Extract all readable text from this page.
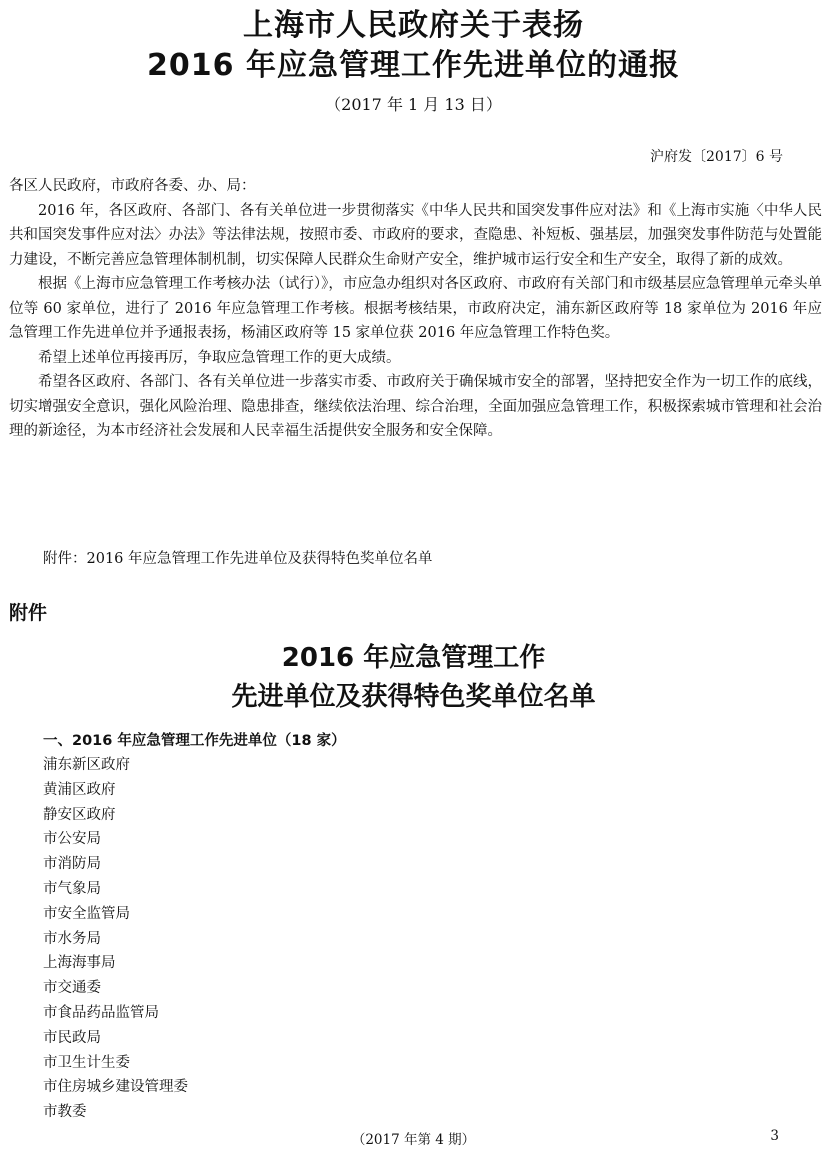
上海市人民政府关于表扬
2016 年应急管理工作先进单位的通报
（2017 年 1 月 13 日）
沪府发〔2017〕6 号

各区人民政府，市政府各委、办、局：

2016 年，各区政府、各部门、各有关单位进一步贯彻落实《中华人民共和国突发事件应对法》和《上海市实施〈中华人民共和国突发事件应对法〉办法》等法律法规，按照市委、市政府的要求，查隐患、补短板、强基层，加强突发事件防范与处置能力建设，不断完善应急管理体制机制，切实保障人民群众生命财产安全，维护城市运行安全和生产安全，取得了新的成效。

根据《上海市应急管理工作考核办法（试行）》，市应急办组织对各区政府、市政府有关部门和市级基层应急管理单元牵头单位等 60 家单位，进行了 2016 年应急管理工作考核。根据考核结果，市政府决定，浦东新区政府等 18 家单位为 2016 年应急管理工作先进单位并予通报表扬，杨浦区政府等 15 家单位获 2016 年应急管理工作特色奖。

希望上述单位再接再厉，争取应急管理工作的更大成绩。

希望各区政府、各部门、各有关单位进一步落实市委、市政府关于确保城市安全的部署，坚持把安全作为一切工作的底线，切实增强安全意识，强化风险治理、隐患排查，继续依法治理、综合治理，全面加强应急管理工作，积极探索城市管理和社会治理的新途径，为本市经济社会发展和人民幸福生活提供安全服务和安全保障。

附件：2016 年应急管理工作先进单位及获得特色奖单位名单
附件
2016 年应急管理工作
先进单位及获得特色奖单位名单
一、2016 年应急管理工作先进单位（18 家）
浦东新区政府
黄浦区政府
静安区政府
市公安局
市消防局
市气象局
市安全监管局
市水务局
上海海事局
市交通委
市食品药品监管局
市民政局
市卫生计生委
市住房城乡建设管理委
市教委
（2017 年第 4 期）	3
